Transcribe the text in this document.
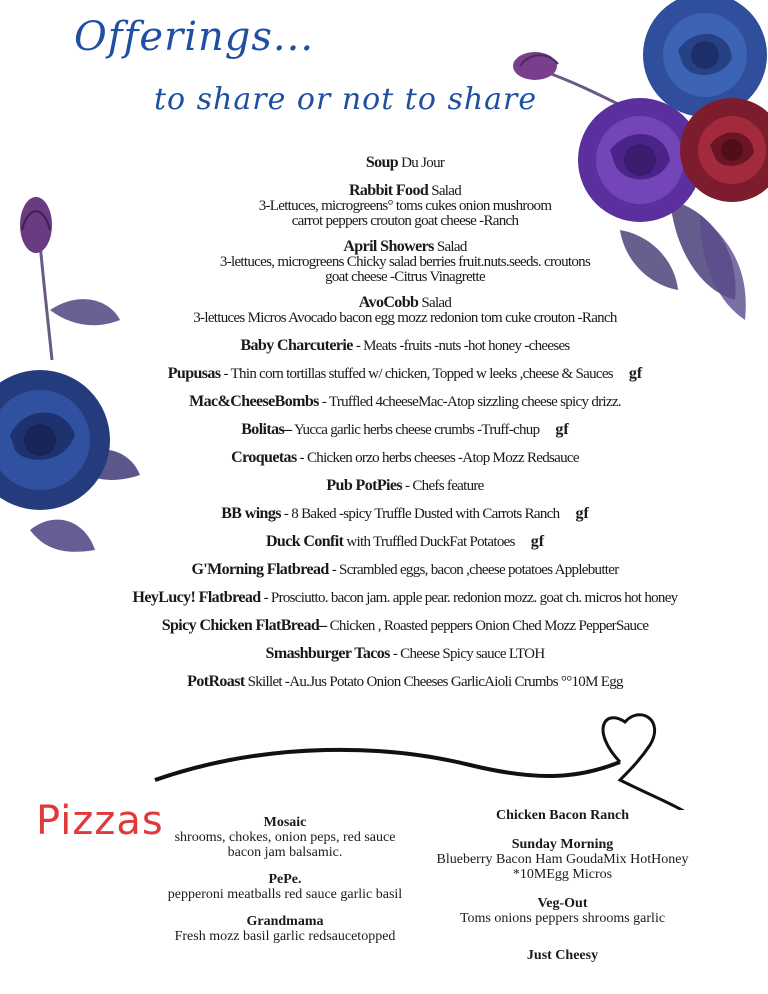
Offerings...
to share or not to share
Soup Du Jour
Rabbit Food Salad
3-Lettuces, microgreens° toms cukes onion mushroom
carrot peppers crouton goat cheese -Ranch
April Showers Salad
3-lettuces, microgreens Chicky salad berries fruit.nuts.seeds. croutons
goat cheese -Citrus Vinagrette
AvoCobb Salad
3-lettuces Micros Avocado bacon egg mozz redonion tom cuke crouton -Ranch
Baby Charcuterie - Meats -fruits -nuts -hot honey -cheeses
Pupusas - Thin corn tortillas stuffed w/ chicken, Topped w leeks ,cheese & Sauces gf
Mac&CheeseBombs - Truffled 4cheeseMac-Atop sizzling cheese spicy drizz.
Bolitas– Yucca garlic herbs cheese crumbs -Truff-chup gf
Croquetas - Chicken orzo herbs cheeses -Atop Mozz Redsauce
Pub PotPies - Chefs feature
BB wings - 8 Baked -spicy Truffle Dusted with Carrots Ranch gf
Duck Confit with Truffled DuckFat Potatoes gf
G'Morning Flatbread - Scrambled eggs, bacon ,cheese potatoes Applebutter
HeyLucy! Flatbread - Prosciutto. bacon jam. apple pear. redonion mozz. goat ch. micros hot honey
Spicy Chicken FlatBread– Chicken , Roasted peppers Onion Ched Mozz PepperSauce
Smashburger Tacos - Cheese Spicy sauce LTOH
PotRoast Skillet -Au.Jus Potato Onion Cheeses GarlicAioli Crumbs °°10M Egg
Pizzas	Mosaic
shrooms, chokes, onion peps, red sauce
bacon jam balsamic.
PePe.
pepperoni meatballs red sauce garlic basil
Grandmama
Fresh mozz basil garlic redsaucetopped
Chicken Bacon Ranch
Sunday Morning
Blueberry Bacon Ham GoudaMix HotHoney
*10MEgg Micros
Veg-Out
Toms onions peppers shrooms garlic
Just Cheesy
